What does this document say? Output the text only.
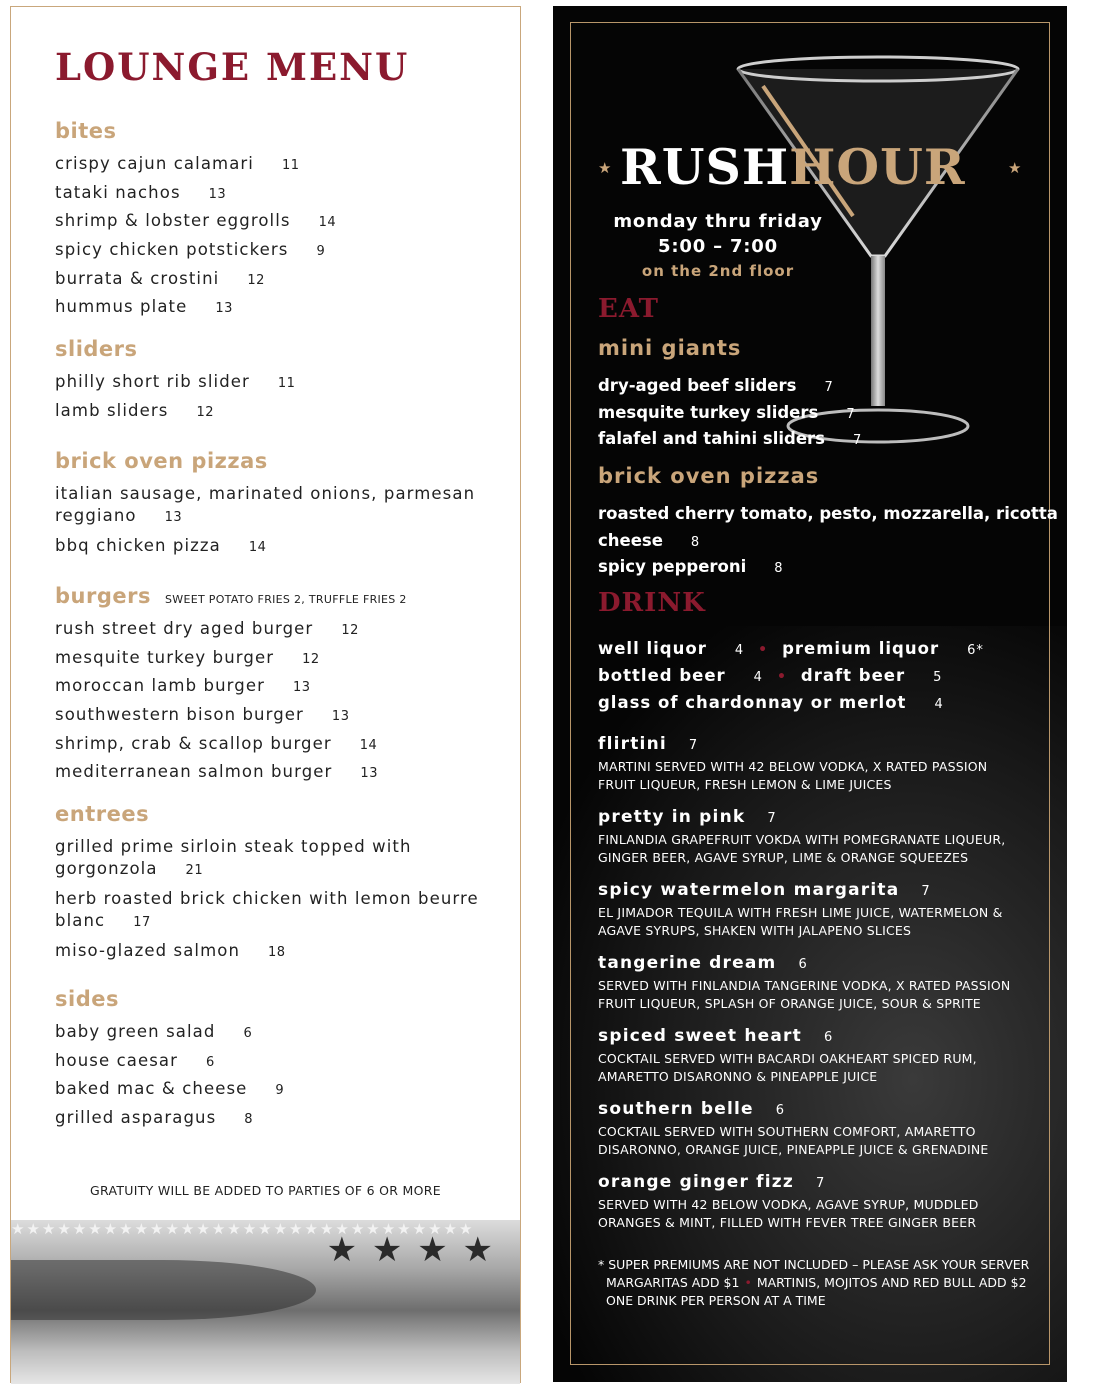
LOUNGE MENU
bites
crispy cajun calamari 11
tataki nachos 13
shrimp & lobster eggrolls 14
spicy chicken potstickers 9
burrata & crostini 12
hummus plate 13
sliders
philly short rib slider 11
lamb sliders 12
brick oven pizzas
italian sausage, marinated onions, parmesan reggiano 13
bbq chicken pizza 14
burgers SWEET POTATO FRIES 2, TRUFFLE FRIES 2
rush street dry aged burger 12
mesquite turkey burger 12
moroccan lamb burger 13
southwestern bison burger 13
shrimp, crab & scallop burger 14
mediterranean salmon burger 13
entrees
grilled prime sirloin steak topped with gorgonzola 21
herb roasted brick chicken with lemon beurre blanc 17
miso-glazed salmon 18
sides
baby green salad 6
house caesar 6
baked mac & cheese 9
grilled asparagus 8
GRATUITY WILL BE ADDED TO PARTIES OF 6 OR MORE
★★★★★★★★★★★★★★★★★★★★★★★★★★★★★★
★ ★ ★ ★
★	★
RUSHHOUR
monday thru friday
5:00 – 7:00
on the 2nd floor
EAT
mini giants
dry-aged beef sliders 7
mesquite turkey sliders 7
falafel and tahini sliders 7
brick oven pizzas
roasted cherry tomato, pesto, mozzarella, ricotta 8
cheese 8
spicy pepperoni 8
DRINK
well liquor 4 • premium liquor 6*
bottled beer 4 • draft beer 5
glass of chardonnay or merlot 4
flirtini 7
MARTINI SERVED WITH 42 BELOW VODKA, X RATED PASSION FRUIT LIQUEUR, FRESH LEMON & LIME JUICES
pretty in pink 7
FINLANDIA GRAPEFRUIT VOKDA WITH POMEGRANATE LIQUEUR, GINGER BEER, AGAVE SYRUP, LIME & ORANGE SQUEEZES
spicy watermelon margarita 7
EL JIMADOR TEQUILA WITH FRESH LIME JUICE, WATERMELON & AGAVE SYRUPS, SHAKEN WITH JALAPENO SLICES
tangerine dream 6
SERVED WITH FINLANDIA TANGERINE VODKA, X RATED PASSION FRUIT LIQUEUR, SPLASH OF ORANGE JUICE, SOUR & SPRITE
spiced sweet heart 6
COCKTAIL SERVED WITH BACARDI OAKHEART SPICED RUM, AMARETTO DISARONNO & PINEAPPLE JUICE
southern belle 6
COCKTAIL SERVED WITH SOUTHERN COMFORT, AMARETTO DISARONNO, ORANGE JUICE, PINEAPPLE JUICE & GRENADINE
orange ginger fizz 7
SERVED WITH 42 BELOW VODKA, AGAVE SYRUP, MUDDLED ORANGES & MINT, FILLED WITH FEVER TREE GINGER BEER
* SUPER PREMIUMS ARE NOT INCLUDED – PLEASE ASK YOUR SERVER
MARGARITAS ADD $1 • MARTINIS, MOJITOS AND RED BULL ADD $2
ONE DRINK PER PERSON AT A TIME
